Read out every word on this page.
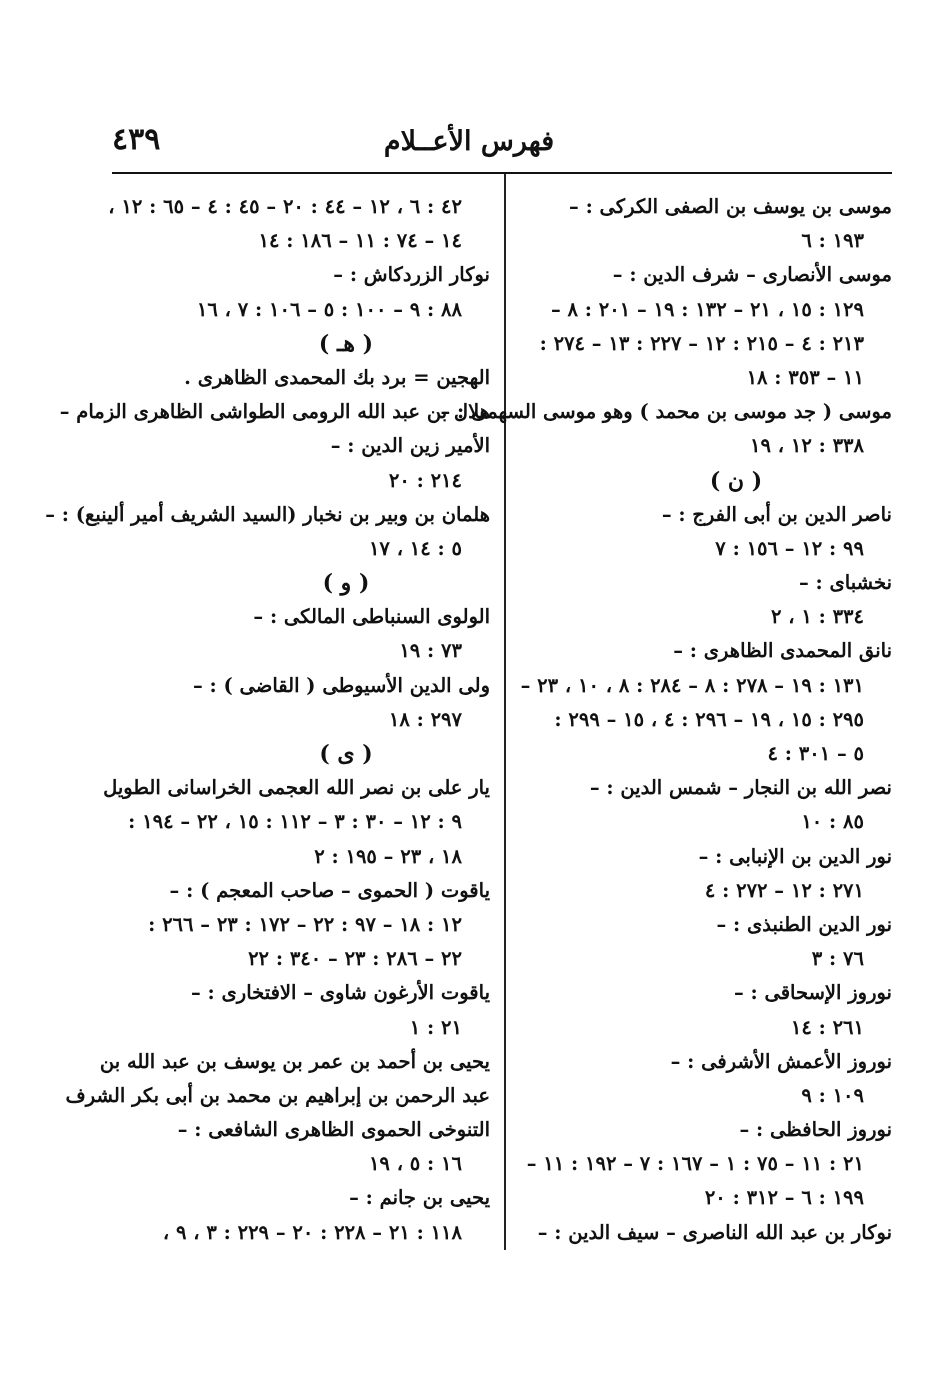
٤٣٩	فهرس الأعــلام
موسى بن يوسف بن الصفى الكركى : –
١٩٣ : ٦
موسى الأنصارى – شرف الدين : –
١٢٩ : ١٥ ، ٢١ – ١٣٢ : ١٩ – ٢٠١ : ٨ –
٢١٣ : ٤ – ٢١٥ : ١٢ – ٢٢٧ : ١٣ – ٢٧٤ :
١١ – ٣٥٣ : ١٨
موسى ( جد موسى بن محمد ) وهو موسى السهمى : –
٣٣٨ : ١٢ ، ١٩
( ن )
ناصر الدين بن أبى الفرج : –
٩٩ : ١٢ – ١٥٦ : ٧
نخشباى : –
٣٣٤ : ١ ، ٢
نانق المحمدى الظاهرى : –
١٣١ : ١٩ – ٢٧٨ : ٨ – ٢٨٤ : ٨ ، ١٠ ، ٢٣ –
٢٩٥ : ١٥ ، ١٩ – ٢٩٦ : ٤ ، ١٥ – ٢٩٩ :
٥ – ٣٠١ : ٤
نصر الله بن النجار – شمس الدين : –
٨٥ : ١٠
نور الدين بن الإنبابى : –
٢٧١ : ١٢ – ٢٧٢ : ٤
نور الدين الطنبذى : –
٧٦ : ٣
نوروز الإسحاقى : –
٢٦١ : ١٤
نوروز الأعمش الأشرفى : –
١٠٩ : ٩
نوروز الحافظى : –
٢١ : ١١ – ٧٥ : ١ – ١٦٧ : ٧ – ١٩٢ : ١١ –
١٩٩ : ٦ – ٣١٢ : ٢٠
نوكار بن عبد الله الناصرى – سيف الدين : –
٤٢ : ٦ ، ١٢ – ٤٤ : ٢٠ – ٤٥ : ٤ – ٦٥ : ١٢ ،
١٤ – ٧٤ : ١١ – ١٨٦ : ١٤
نوكار الزردكاش : –
٨٨ : ٩ – ١٠٠ : ٥ – ١٠٦ : ٧ ، ١٦
( هـ )
الهجين = برد بك المحمدى الظاهرى .
هلال بن عبد الله الرومى الطواشى الظاهرى الزمام –
الأمير زين الدين : –
٢١٤ : ٢٠
هلمان بن وبير بن نخبار (السيد الشريف أمير ألينبع) : –
٥ : ١٤ ، ١٧
( و )
الولوى السنباطى المالكى : –
٧٣ : ١٩
ولى الدين الأسيوطى ( القاضى ) : –
٢٩٧ : ١٨
( ى )
يار على بن نصر الله العجمى الخراسانى الطويل
٩ : ١٢ – ٣٠ : ٣ – ١١٢ : ١٥ ، ٢٢ – ١٩٤ :
١٨ ، ٢٣ – ١٩٥ : ٢
ياقوت ( الحموى – صاحب المعجم ) : –
١٢ : ١٨ – ٩٧ : ٢٢ – ١٧٢ : ٢٣ – ٢٦٦ :
٢٢ – ٢٨٦ : ٢٣ – ٣٤٠ : ٢٢
ياقوت الأرغون شاوى – الافتخارى : –
٢١ : ١
يحيى بن أحمد بن عمر بن يوسف بن عبد الله بن
عبد الرحمن بن إبراهيم بن محمد بن أبى بكر الشرف
التنوخى الحموى الظاهرى الشافعى : –
١٦ : ٥ ، ١٩
يحيى بن جانم : –
١١٨ : ٢١ – ٢٢٨ : ٢٠ – ٢٢٩ : ٣ ، ٩ ،
